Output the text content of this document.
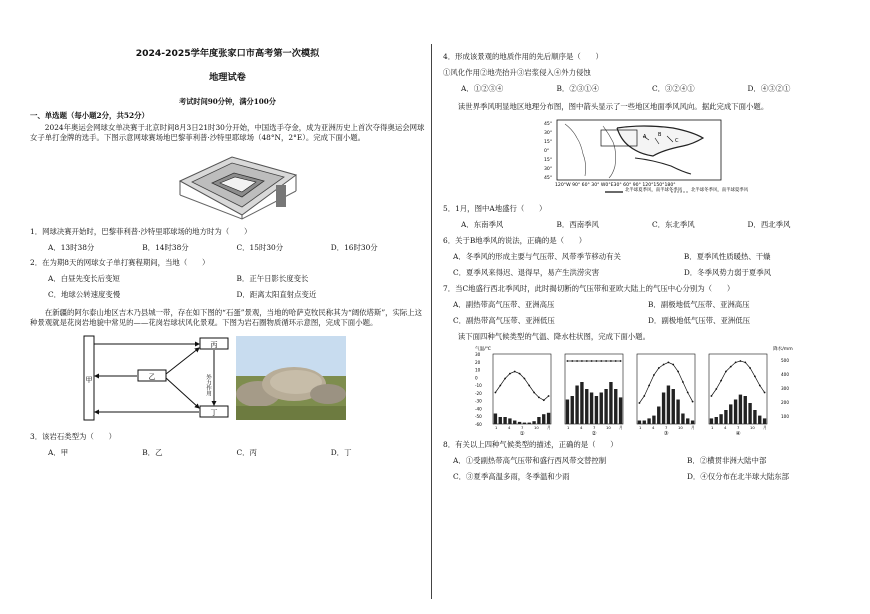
2024-2025学年度张家口市高考第一次模拟
地理试卷
考试时间90分钟，满分100分
一、单选题（每小题2分，共52分）

2024年奥运会网球女单决赛于北京时间8月3日21时30分开始，中国选手夺金，成为亚洲历史上首次夺得奥运会网球女子单打金牌的选手。下图示意网球赛场地巴黎菲利普·沙特里耶球场（48°N，2°E）。完成下面小题。

1．网球决赛开始时，巴黎菲利普·沙特里耶球场的地方时为（　　）
A．13时38分	B．14时38分	C．15时30分	D．16时30分
2．在为期8天的网球女子单打赛程期间，当地（　　）
A．白昼先变长后变短	B．正午日影长度变长
C．地球公转速度变慢	D．距离太阳直射点变近

在新疆的阿尔泰山地区吉木乃县城一带，存在如下图的“石蛋”景观，当地的哈萨克牧民称其为“阔依塔斯”，实际上这种景观就是花岗岩地貌中常见的——花岗岩球状风化景观。下图为岩石圈物质循环示意图，完成下面小题。

甲	乙
丙
丁
外力作用
3．该岩石类型为（　　）
A．甲	B．乙	C．丙	D．丁
4．形成该景观的地质作用的先后顺序是（　　）
①风化作用②地壳抬升③岩浆侵入④外力侵蚀
A．①②③④	B．②③①④	C．③②④①	D．④③②①

读世界季风明显地区地理分布图，图中箭头显示了一些地区地面季风风向。据此完成下面小题。

A B
C
45°
30°
15°
0°
15°
30°
45°
120°W 90° 60° 30° W0°E30° 60° 90° 120°150°180°
北半球夏季风，南半球冬季风 北半球冬季风，南半球夏季风
5．1月，图中A地盛行（　　）
A．东南季风	B．西南季风	C．东北季风	D．西北季风
6．关于B地季风的说法，正确的是（　　）
A．冬季风的形成主要与气压带、风带季节移动有关	B．夏季风性质暖热、干燥
C．夏季风来得迟、退得早，易产生洪涝灾害	D．冬季风势力弱于夏季风
7．当C地盛行西北季风时，此时揭切断的气压带和亚欧大陆上的气压中心分别为（　　）
A．副热带高气压带、亚洲高压	B．副极地低气压带、亚洲高压
C．副热带高气压带、亚洲低压	D．副极地低气压带、亚洲低压

读下面四种气候类型的气温、降水柱状图，完成下面小题。

气温/℃	降水/mm
30
20
10
0
-10
-20
-30
-40
-50
-60
500
400
300
200
100
1	4	7	10 月
①
1	4	7	10 月
②
1	4	7	10 月
③
1	4	7	10 月
④
8．有关以上四种气候类型的描述，正确的是（　　）
A．①受副热带高气压带和盛行西风带交替控制	B．②横贯非洲大陆中部
C．③夏季高温多雨，冬季温和少雨	D．④仅分布在北半球大陆东部
